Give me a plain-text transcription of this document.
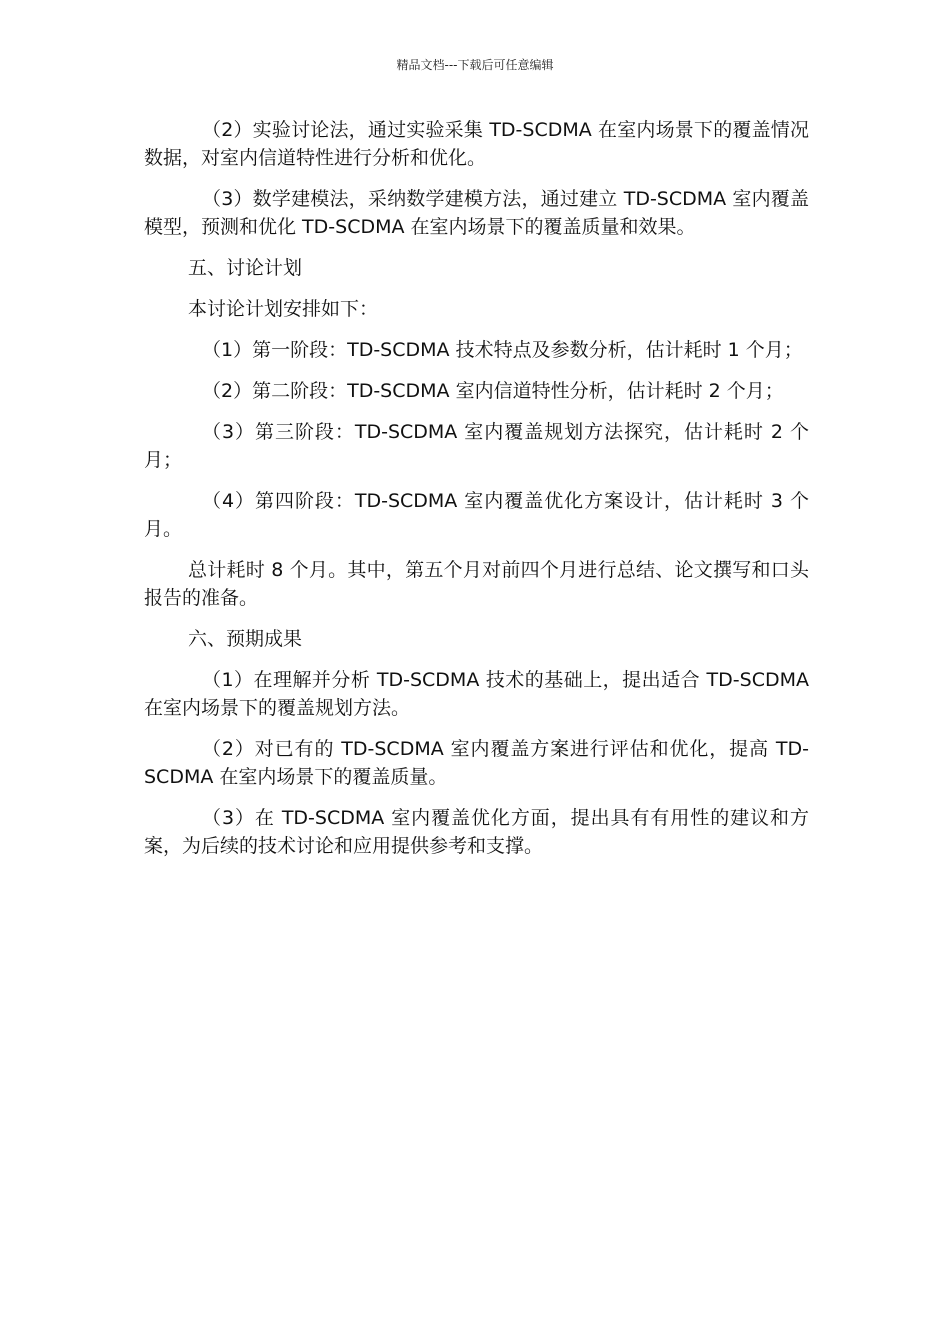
精品文档---下载后可任意编辑

（2）实验讨论法，通过实验采集 TD-SCDMA 在室内场景下的覆盖情况数据，对室内信道特性进行分析和优化。

（3）数学建模法，采纳数学建模方法，通过建立 TD-SCDMA 室内覆盖模型，预测和优化 TD-SCDMA 在室内场景下的覆盖质量和效果。

五、讨论计划

本讨论计划安排如下：

（1）第一阶段：TD-SCDMA 技术特点及参数分析，估计耗时 1 个月；

（2）第二阶段：TD-SCDMA 室内信道特性分析，估计耗时 2 个月；

（3）第三阶段：TD-SCDMA 室内覆盖规划方法探究，估计耗时 2 个月；

（4）第四阶段：TD-SCDMA 室内覆盖优化方案设计，估计耗时 3 个月。

总计耗时 8 个月。其中，第五个月对前四个月进行总结、论文撰写和口头报告的准备。

六、预期成果

（1）在理解并分析 TD-SCDMA 技术的基础上，提出适合 TD-SCDMA 在室内场景下的覆盖规划方法。

（2）对已有的 TD-SCDMA 室内覆盖方案进行评估和优化，提高 TD-SCDMA 在室内场景下的覆盖质量。

（3）在 TD-SCDMA 室内覆盖优化方面，提出具有有用性的建议和方案，为后续的技术讨论和应用提供参考和支撑。
